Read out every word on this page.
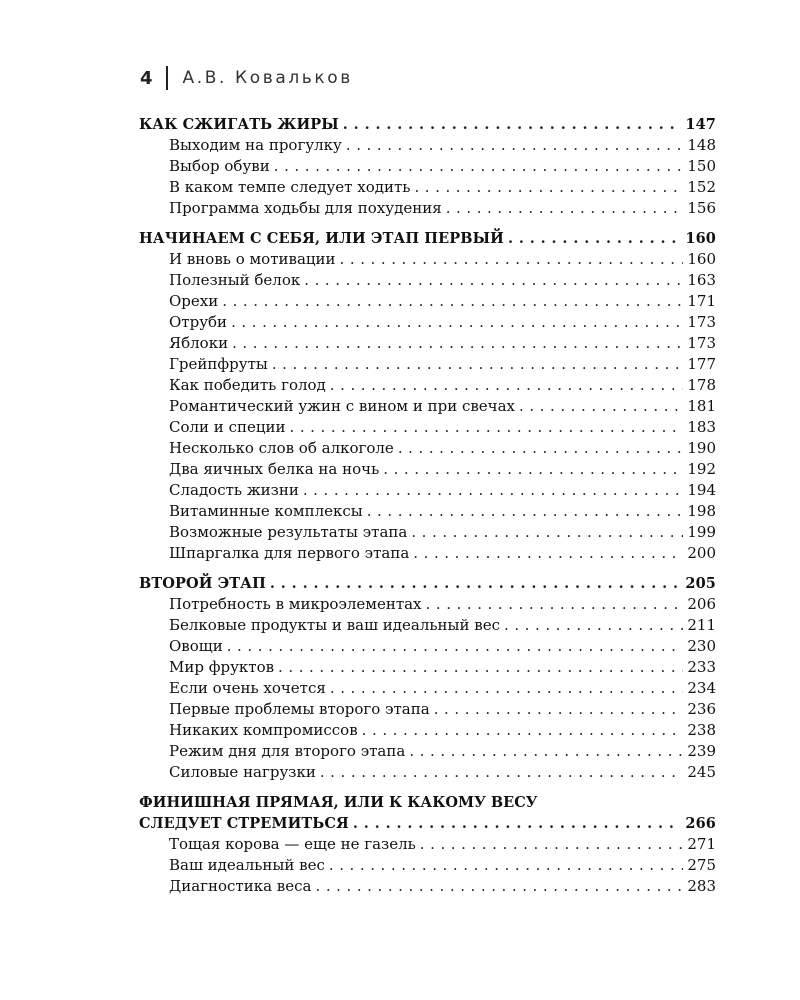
4 А.В. Ковальков
КАК СЖИГАТЬ ЖИРЫ . . .	147
Выходим на прогулку . . .	148
Выбор обуви . . .	150
В каком темпе следует ходить . . .	152
Программа ходьбы для похудения . . .	156
НАЧИНАЕМ С СЕБЯ, ИЛИ ЭТАП ПЕРВЫЙ . . .	160
И вновь о мотивации . . .	160
Полезный белок . . .	163
Орехи . . .	171
Отруби . . .	173
Яблоки . . .	173
Грейпфруты . . .	177
Как победить голод . . .	178
Романтический ужин с вином и при свечах . . .	181
Соли и специи . . .	183
Несколько слов об алкоголе . . .	190
Два яичных белка на ночь . . .	192
Сладость жизни . . .	194
Витаминные комплексы . . .	198
Возможные результаты этапа . . .	199
Шпаргалка для первого этапа . . .	200
ВТОРОЙ ЭТАП . . .	205
Потребность в микроэлементах . . .	206
Белковые продукты и ваш идеальный вес . . .	211
Овощи . . .	230
Мир фруктов . . .	233
Если очень хочется . . .	234
Первые проблемы второго этапа . . .	236
Никаких компромиссов . . .	238
Режим дня для второго этапа . . .	239
Силовые нагрузки . . .	245
ФИНИШНАЯ ПРЯМАЯ, ИЛИ К КАКОМУ ВЕСУ
СЛЕДУЕТ СТРЕМИТЬСЯ . . .	266
Тощая корова — еще не газель . . .	271
Ваш идеальный вес . . .	275
Диагностика веса . . .	283
